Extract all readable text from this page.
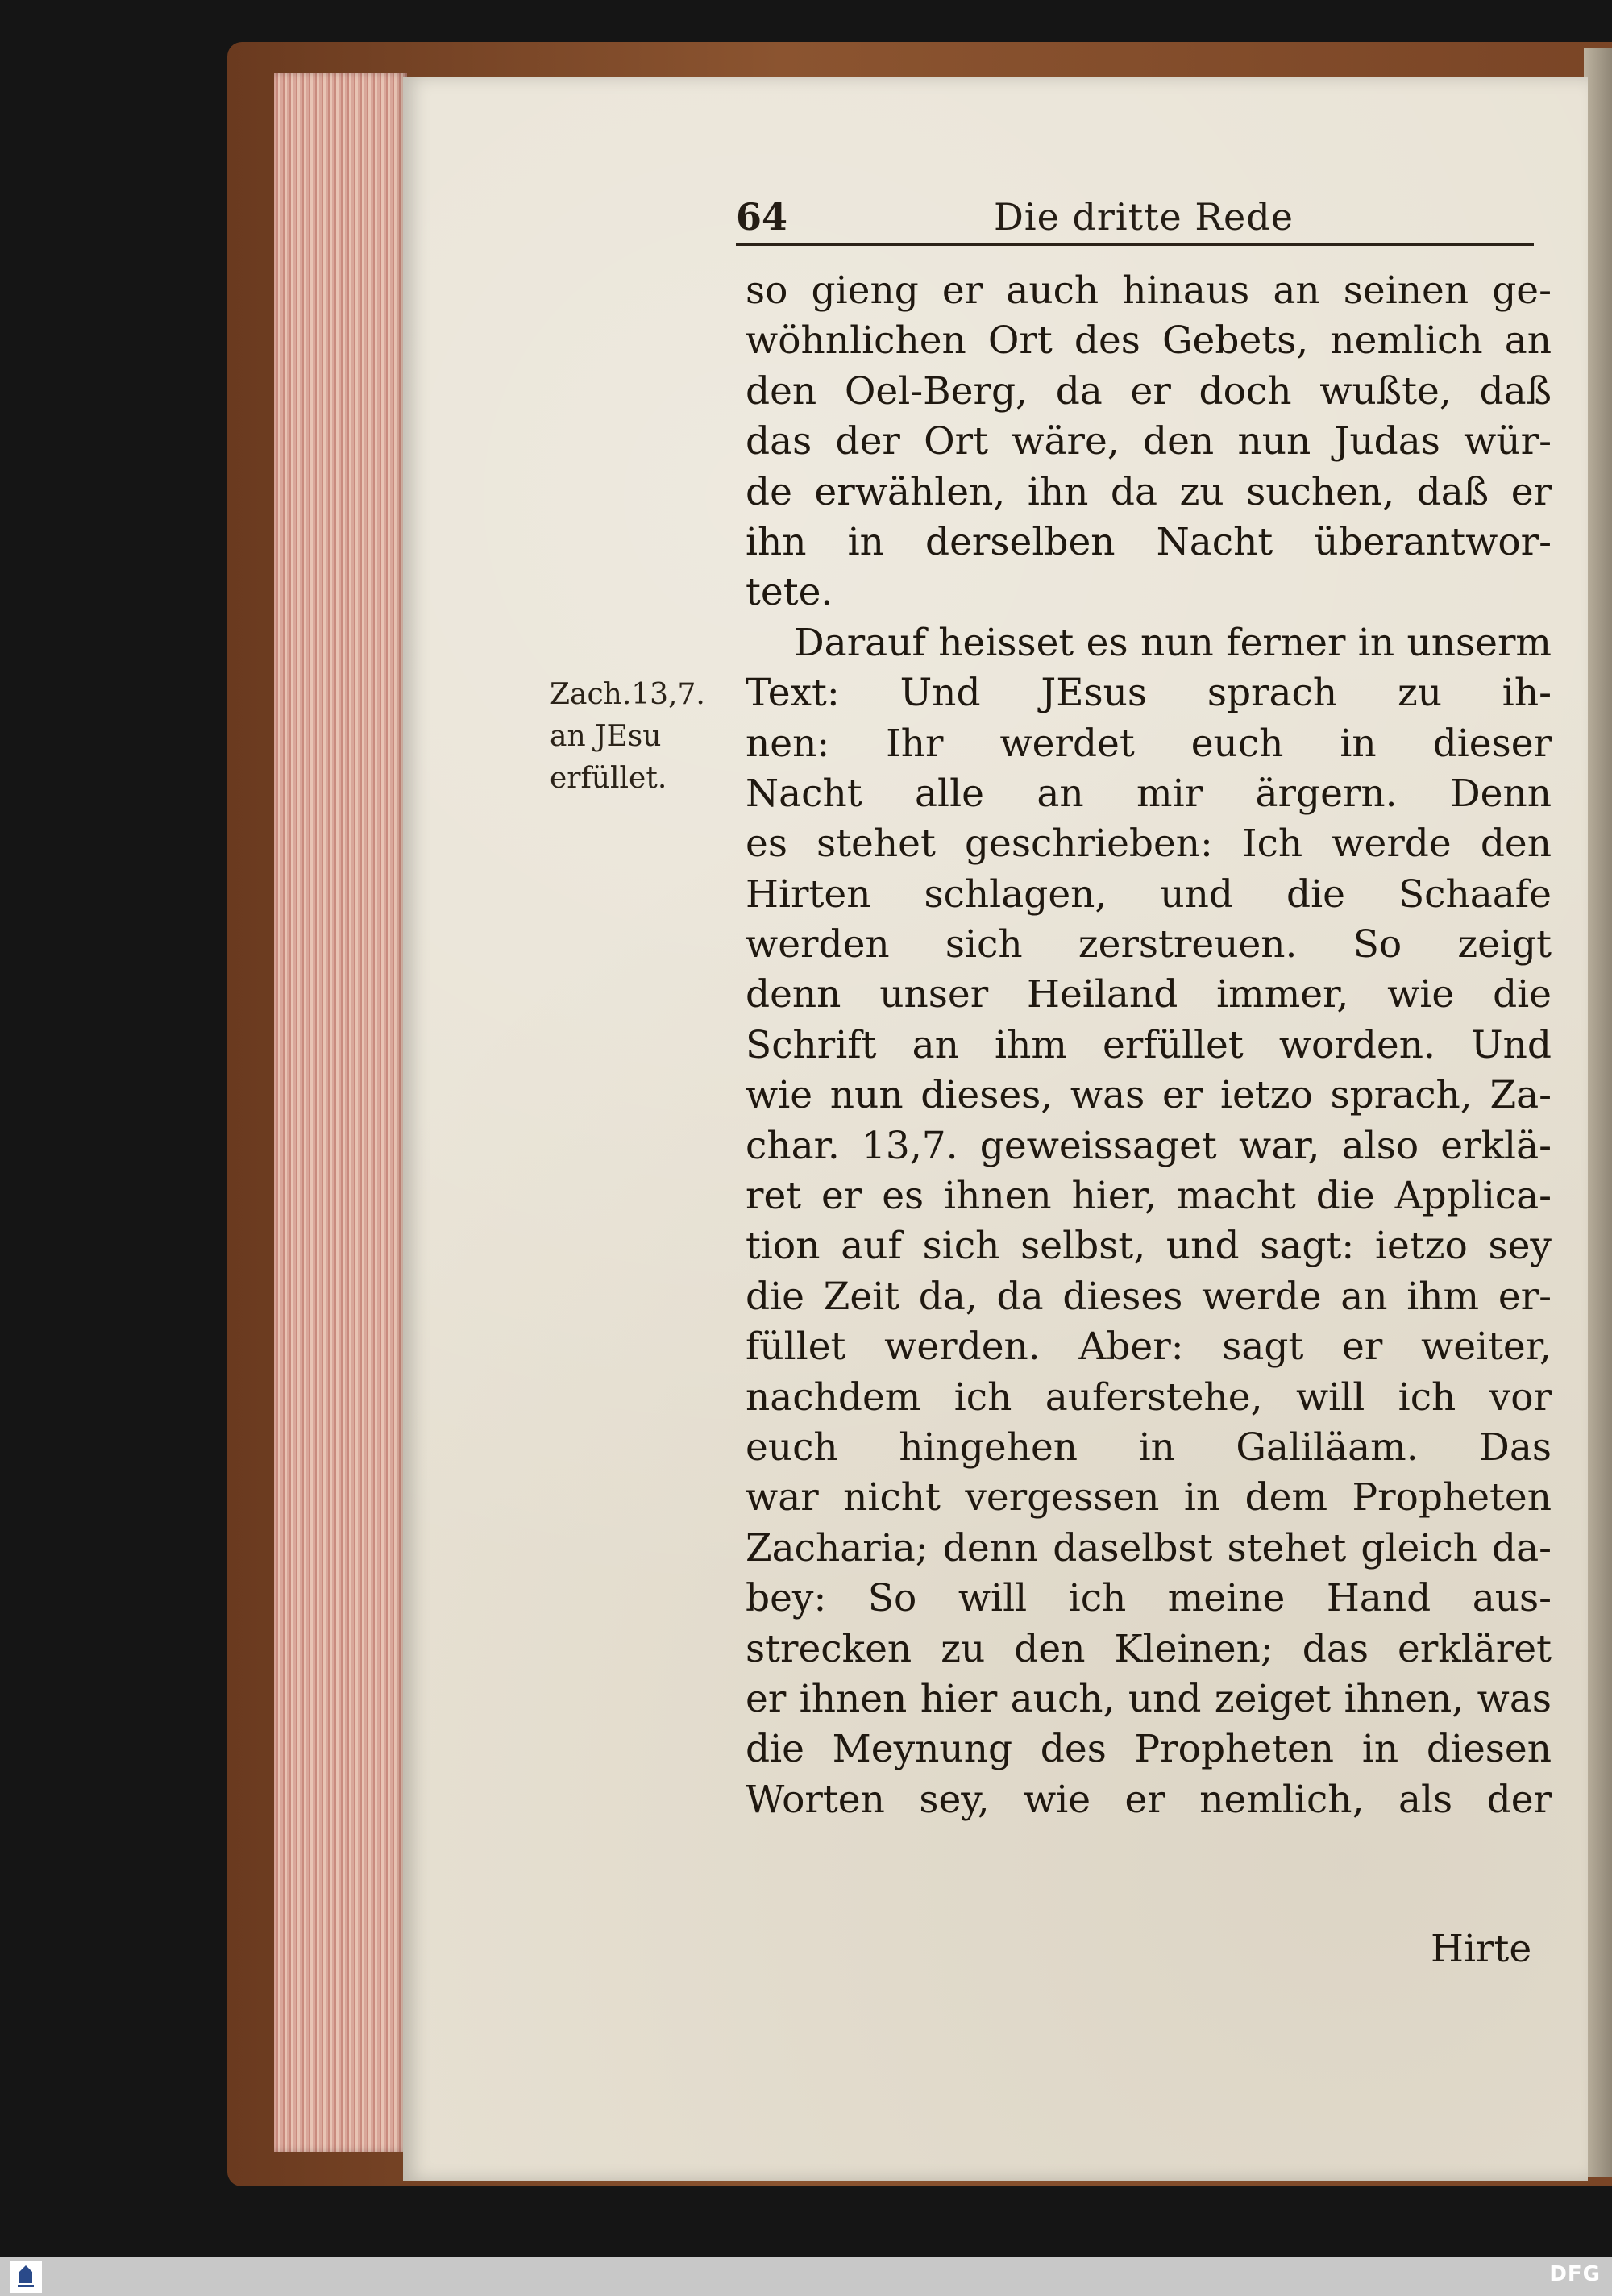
64	Die dritte Rede
Zach.13,7.
an JEsu
erfüllet.
so gieng er auch hinaus an seinen ge-
wöhnlichen Ort des Gebets, nemlich an
den Oel-Berg, da er doch wußte, daß
das der Ort wäre, den nun Judas wür-
de erwählen, ihn da zu suchen, daß er
ihn in derselben Nacht überantwor-
tete.
Darauf heisset es nun ferner in unserm
Text: Und JEsus sprach zu ih-
nen: Ihr werdet euch in dieser
Nacht alle an mir ärgern. Denn
es stehet geschrieben: Ich werde den
Hirten schlagen, und die Schaafe
werden sich zerstreuen. So zeigt
denn unser Heiland immer, wie die
Schrift an ihm erfüllet worden. Und
wie nun dieses, was er ietzo sprach, Za-
char. 13,7. geweissaget war, also erklä-
ret er es ihnen hier, macht die Applica-
tion auf sich selbst, und sagt: ietzo sey
die Zeit da, da dieses werde an ihm er-
füllet werden. Aber: sagt er weiter,
nachdem ich auferstehe, will ich vor
euch hingehen in Galiläam. Das
war nicht vergessen in dem Propheten
Zacharia; denn daselbst stehet gleich da-
bey: So will ich meine Hand aus-
strecken zu den Kleinen; das erkläret
er ihnen hier auch, und zeiget ihnen, was
die Meynung des Propheten in diesen
Worten sey, wie er nemlich, als der
Hirte
DFG
